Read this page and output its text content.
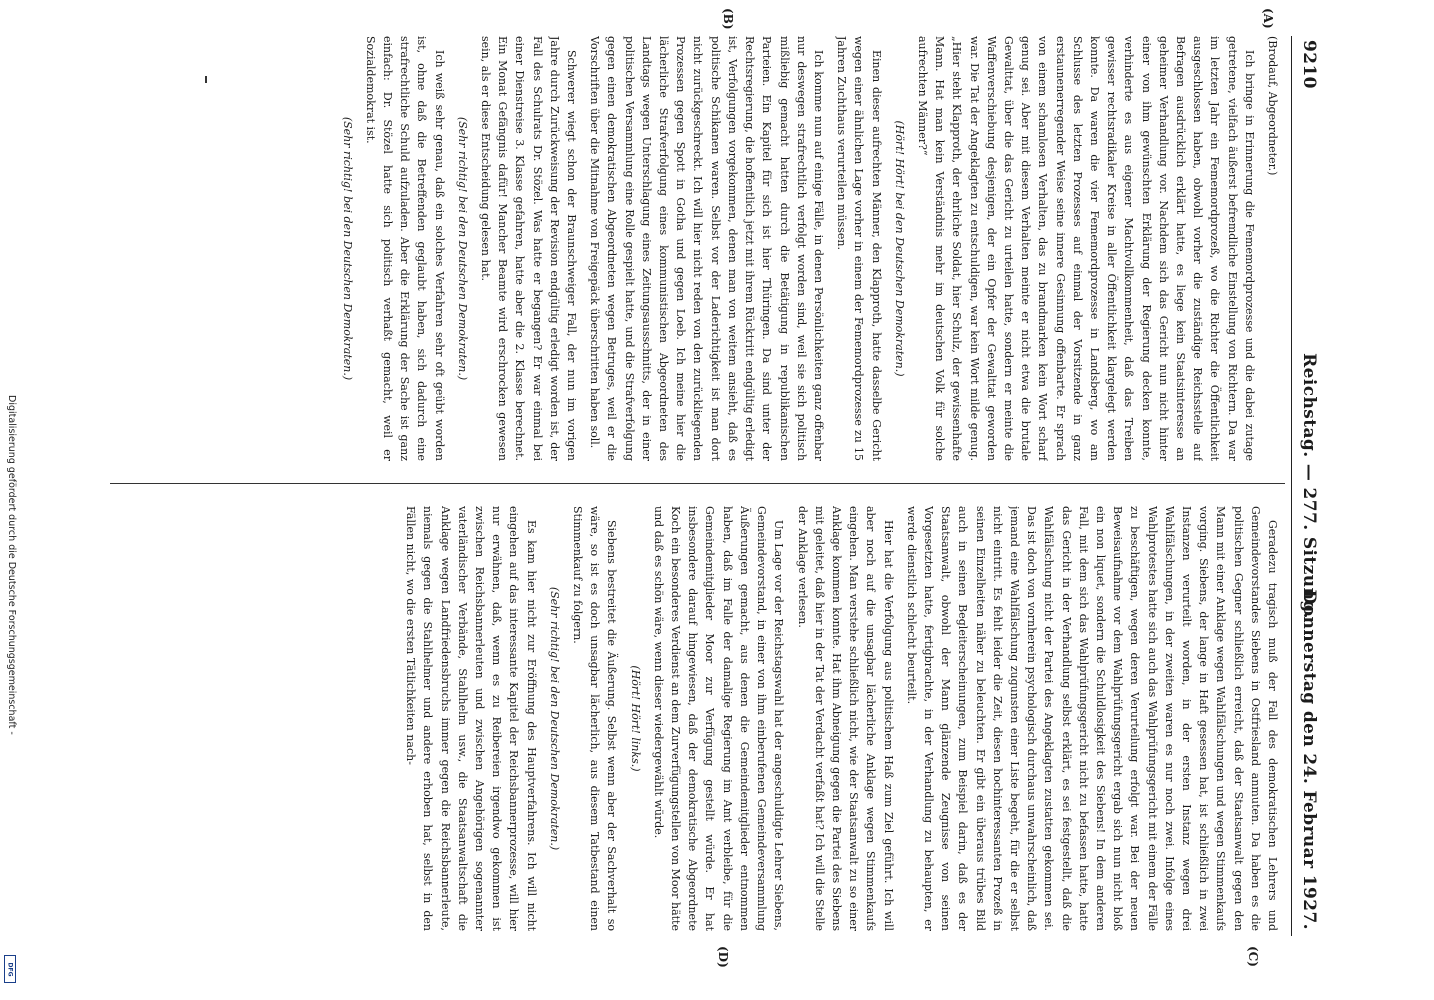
9210
Reichstag. — 277. Sitzung.
Donnerstag den 24. Februar 1927.
(A)
(B)
(C)
(D)

(Brodauf, Abgeordneter.)

Ich bringe in Erinnerung die Fememordprozesse und die dabei zutage getretene, vielfach äußerst befremdliche Einstellung von Richtern. Da war im letzten Jahr ein Fememordprozeß, wo die Richter die Öffentlichkeit ausgeschlossen haben, obwohl vorher die zuständige Reichsstelle auf Befragen ausdrücklich erklärt hatte, es liege kein Staatsinteresse an geheimer Verhandlung vor. Nachdem sich das Gericht nun nicht hinter einer von ihm gewünschten Erklärung der Regierung decken konnte, verhinderte es aus eigener Machtvollkommenheit, daß das Treiben gewisser rechtsradikaler Kreise in aller Öffentlichkeit klargelegt werden konnte. Da waren die vier Fememordprozesse in Landsberg, wo am Schlusse des letzten Prozesses auf einmal der Vorsitzende in ganz erstaunenerregender Weise seine innere Gesinnung offenbarte. Er sprach von einem schamlosen Verhalten, das zu brandmarken kein Wort scharf genug sei. Aber mit diesem Verhalten meinte er nicht etwa die brutale Gewalttat, über die das Gericht zu urteilen hatte, sondern er meinte die Waffenverschiebung desjenigen, der ein Opfer der Gewalttat geworden war. Die Tat der Angeklagten zu entschuldigen, war kein Wort milde genug. „Hier steht Klapproth, der ehrliche Soldat, hier Schulz, der gewissenhafte Mann. Hat man kein Verständnis mehr im deutschen Volk für solche aufrechten Männer?“

(Hört! Hört! bei den Deutschen Demokraten.)

Einen dieser aufrechten Männer, den Klapproth, hatte dasselbe Gericht wegen einer ähnlichen Lage vorher in einem der Fememordprozesse zu 15 Jahren Zuchthaus verurteilen müssen.

Ich komme nun auf einige Fälle, in denen Persönlichkeiten ganz offenbar nur deswegen strafrechtlich verfolgt worden sind, weil sie sich politisch mißliebig gemacht hatten durch die Betätigung in republikanischen Parteien. Ein Kapitel für sich ist hier Thüringen. Da sind unter der Rechtsregierung, die hoffentlich jetzt mit ihrem Rücktritt endgültig erledigt ist, Verfolgungen vorgekommen, denen man von weitem ansieht, daß es politische Schikanen waren. Selbst vor der Laderichtigkeit ist man dort nicht zurückgeschreckt. Ich will hier nicht reden von den zurückliegenden Prozessen gegen Spott in Gotha und gegen Loeb. Ich meine hier die lächerliche Strafverfolgung eines kommunistischen Abgeordneten des Landtags wegen Unterschlagung eines Zeitungsausschnitts, der in einer politischen Versammlung eine Rolle gespielt hatte, und die Strafverfolgung gegen einen demokratischen Abgeordneten wegen Betruges, weil er die Vorschriften über die Mitnahme von Freigepäck überschritten haben soll.

Schwerer wiegt schon der Braunschweiger Fall, der nun im vorigen Jahre durch Zurückweisung der Revision endgültig erledigt worden ist, der Fall des Schulrats Dr. Stözel. Was hatte er begangen? Er war einmal bei einer Dienstreise 3. Klasse gefahren, hatte aber die 2. Klasse berechnet. Ein Monat Gefängnis dafür! Mancher Beamte wird erschrocken gewesen sein, als er diese Entscheidung gelesen hat.

(Sehr richtig! bei den Deutschen Demokraten.)

Ich weiß sehr genau, daß ein solches Verfahren sehr oft geübt worden ist, ohne daß die Betreffenden geglaubt haben, sich dadurch eine strafrechtliche Schuld aufzuladen. Aber die Erklärung der Sache ist ganz einfach: Dr. Stözel hatte sich politisch verhaßt gemacht, weil er Sozialdemokrat ist.

(Sehr richtig! bei den Deutschen Demokraten.)

Geradezu tragisch muß der Fall des demokratischen Lehrers und Gemeindevorstandes Siebens in Ostfriesland anmuten. Da haben es die politischen Gegner schließlich erreicht, daß der Staatsanwalt gegen den Mann mit einer Anklage wegen Wahlfälschungen und wegen Stimmenkaufs vorging. Siebens, der lange in Haft gesessen hat, ist schließlich in zwei Instanzen verurteilt worden, in der ersten Instanz wegen drei Wahlfälschungen, in der zweiten waren es nur noch zwei. Infolge eines Wahlprotestes hatte sich auch das Wahlprüfungsgericht mit einem der Fälle zu beschäftigen, wegen deren Verurteilung erfolgt war. Bei der neuen Beweisaufnahme vor dem Wahlprüfungsgericht ergab sich nun nicht bloß ein non liquet, sondern die Schuldlosigkeit des Siebens! In dem anderen Fall, mit dem sich das Wahlprüfungsgericht nicht zu befassen hatte, hatte das Gericht in der Verhandlung selbst erklärt, es sei festgestellt, daß die Wahlfälschung nicht der Partei des Angeklagten zustatten gekommen sei. Das ist doch von vornherein psychologisch durchaus unwahrscheinlich, daß jemand eine Wahlfälschung zugunsten einer Liste begeht, für die er selbst nicht eintritt. Es fehlt leider die Zeit, diesen hochinteressanten Prozeß in seinen Einzelheiten näher zu beleuchten. Er gibt ein überaus trübes Bild auch in seinen Begleiterscheinungen, zum Beispiel darin, daß es der Staatsanwalt, obwohl der Mann glänzende Zeugnisse von seinen Vorgesetzten hatte, fertigbrachte, in der Verhandlung zu behaupten, er werde dienstlich schlecht beurteilt.

Hier hat die Verfolgung aus politischem Haß zum Ziel geführt. Ich will aber noch auf die unsagbar lächerliche Anklage wegen Stimmenkaufs eingehen. Man verstehe schließlich nicht, wie der Staatsanwalt zu so einer Anklage kommen konnte. Hat ihm Abneigung gegen die Partei des Siebens mit geleitet, daß hier in der Tat der Verdacht verfaßt hat? Ich will die Stelle der Anklage verlesen.

Um Lage vor der Reichstagswahl hat der angeschuldigte Lehrer Siebens, Gemeindevorstand, in einer von ihm einberufenen Gemeindeversammlung Äußerungen gemacht, aus denen die Gemeindemitglieder entnommen haben, daß im Falle der damalige Regierung im Amt verbleibe, für die Gemeindemitglieder Moor zur Verfügung gestellt würde. Er hat insbesondere darauf hingewiesen, daß der demokratische Abgeordnete Koch ein besonderes Verdienst an dem Zurverfügungstellen von Moor hätte und daß es schön wäre, wenn dieser wiedergewählt würde.

(Hört! Hört! links.)

Siebens bestreitet die Äußerung. Selbst wenn aber der Sachverhalt so wäre, so ist es doch unsagbar lächerlich, aus diesem Tatbestand einen Stimmenkauf zu folgern.

(Sehr richtig! bei den Deutschen Demokraten.)

Es kam hier nicht zur Eröffnung des Hauptverfahrens. Ich will nicht eingehen auf das interessante Kapitel der Reichsbannerprozesse, will hier nur erwähnen, daß, wenn es zu Reibereien irgendwo gekommen ist zwischen Reichsbannerleuten und zwischen Angehörigen sogenannter vaterländischer Verbände, Stahlhelm usw., die Staatsanwaltschaft die Anklage wegen Landfriedensbruchs immer gegen die Reichsbannerleute, niemals gegen die Stahlhelmer und andere erhoben hat, selbst in den Fällen nicht, wo die ersten Tätlichkeiten nach-

Digitalisierung gefördert durch die Deutsche Forschungsgemeinschaft -
DFG
